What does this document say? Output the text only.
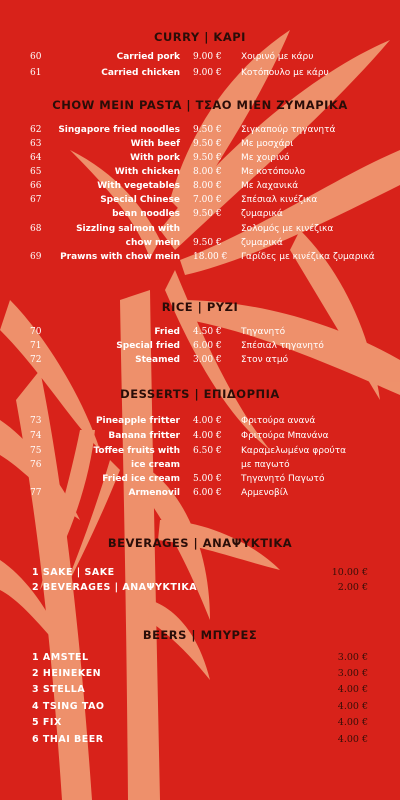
CURRY | ΚΑΡΙ
60	Carried pork 9.00 €	Χοιρινό με κάρυ
61	Carried chicken 9.00 €	Κοτόπουλο με κάρυ
CHOW MEIN PASTA | ΤΣΑΟ ΜΙΕΝ ΖΥΜΑΡΙΚΑ
62	Singapore fried noodles 9.50 €	Σιγκαπούρ τηγανητά
63	With beef 9.50 €	Με μοσχάρι
64	With pork 9.50 €	Με χοιρινό
65	With chicken 8.00 €	Με κοτόπουλο
66	With vegetables 8.00 €	Με λαχανικά
67	Special Chinese 7.00 €	Σπέσιαλ κινέζικα
bean noodles 9.50 €	ζυμαρικά
68	Sizzling salmon with	Σολομός με κινέζικα
chow mein 9.50 €	ζυμαρικά
69	Prawns with chow mein 18.00 €	Γαρίδες με κινέζικα ζυμαρικά
RICE | ΡΥΖΙ
70	Fried 4.50 €	Τηγανητό
71	Special fried 6.00 €	Σπέσιαλ τηγανητό
72	Steamed 3.00 €	Στον ατμό
DESSERTS | ΕΠΙΔΟΡΠΙΑ
73	Pineapple fritter 4.00 €	Φριτούρα ανανά
74	Banana fritter 4.00 €	Φριτούρα Μπανάνα
75	Toffee fruits with 6.50 €	Καραμελωμένα φρούτα
76	ice cream	με παγωτό
Fried ice cream 5.00 €	Τηγανητό Παγωτό
77	Armenovil 6.00 €	Αρμενοβίλ
BEVERAGES | ΑΝΑΨΥΚΤΙΚΑ
1 SAKE | SAKE	10.00 €
2 BEVERAGES | ΑΝΑΨΥΚΤΙΚΑ	2.00 €
BEERS | ΜΠΥΡΕΣ
1 AMSTEL	3.00 €
2 HEINEKEN	3.00 €
3 STELLA	4.00 €
4 TSING TAO	4.00 €
5 FIX	4.00 €
6 THAI BEER	4.00 €
